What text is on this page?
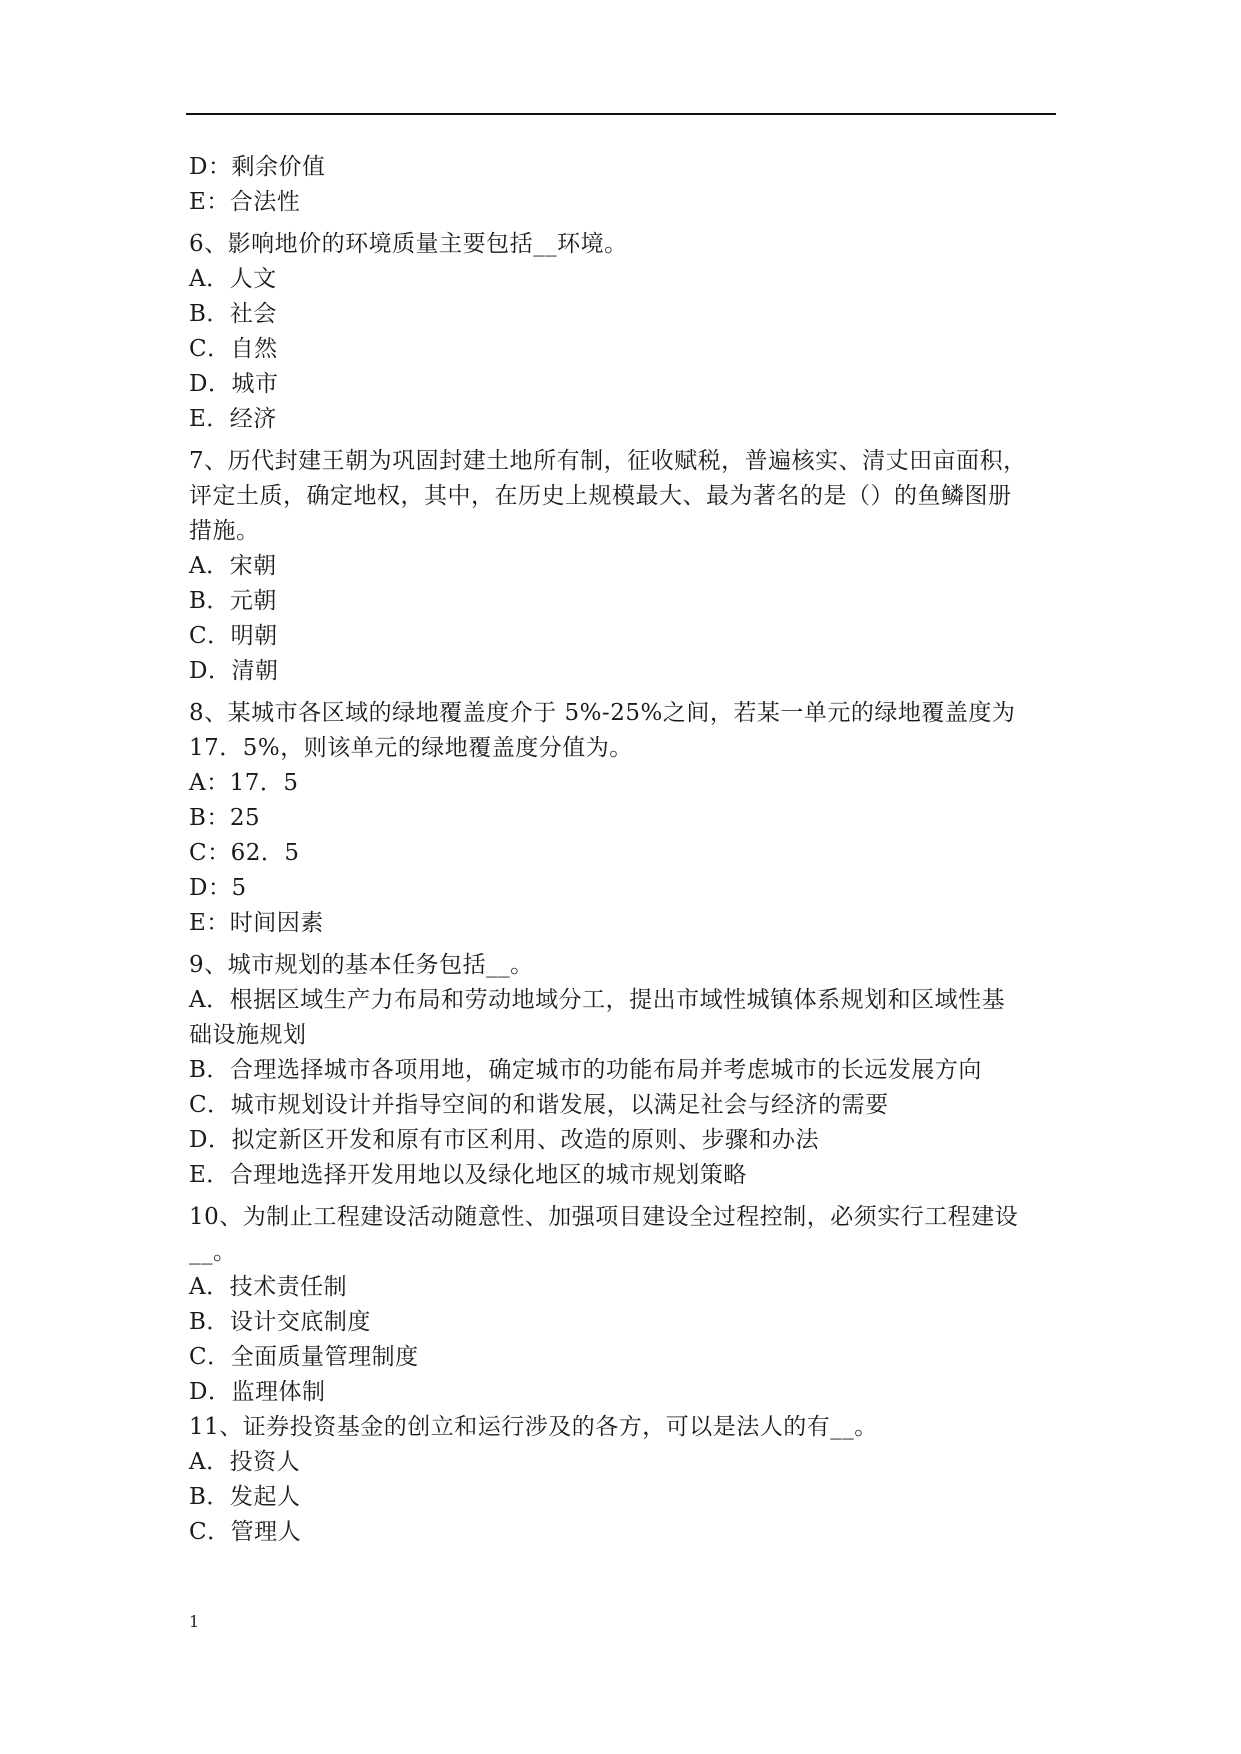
D：剩余价值
E：合法性
6、影响地价的环境质量主要包括__环境。
A．人文
B．社会
C．自然
D．城市
E．经济
7、历代封建王朝为巩固封建土地所有制，征收赋税，普遍核实、清丈田亩面积，
评定土质，确定地权，其中，在历史上规模最大、最为著名的是（）的鱼鳞图册
措施。
A．宋朝
B．元朝
C．明朝
D．清朝
8、某城市各区域的绿地覆盖度介于 5%-25%之间，若某一单元的绿地覆盖度为
17．5%，则该单元的绿地覆盖度分值为。
A：17．5
B：25
C：62．5
D：5
E：时间因素
9、城市规划的基本任务包括__。
A．根据区域生产力布局和劳动地域分工，提出市域性城镇体系规划和区域性基
础设施规划
B．合理选择城市各项用地，确定城市的功能布局并考虑城市的长远发展方向
C．城市规划设计并指导空间的和谐发展，以满足社会与经济的需要
D．拟定新区开发和原有市区利用、改造的原则、步骤和办法
E．合理地选择开发用地以及绿化地区的城市规划策略
10、为制止工程建设活动随意性、加强项目建设全过程控制，必须实行工程建设
__。
A．技术责任制
B．设计交底制度
C．全面质量管理制度
D．监理体制
11、证券投资基金的创立和运行涉及的各方，可以是法人的有__。
A．投资人
B．发起人
C．管理人
1
